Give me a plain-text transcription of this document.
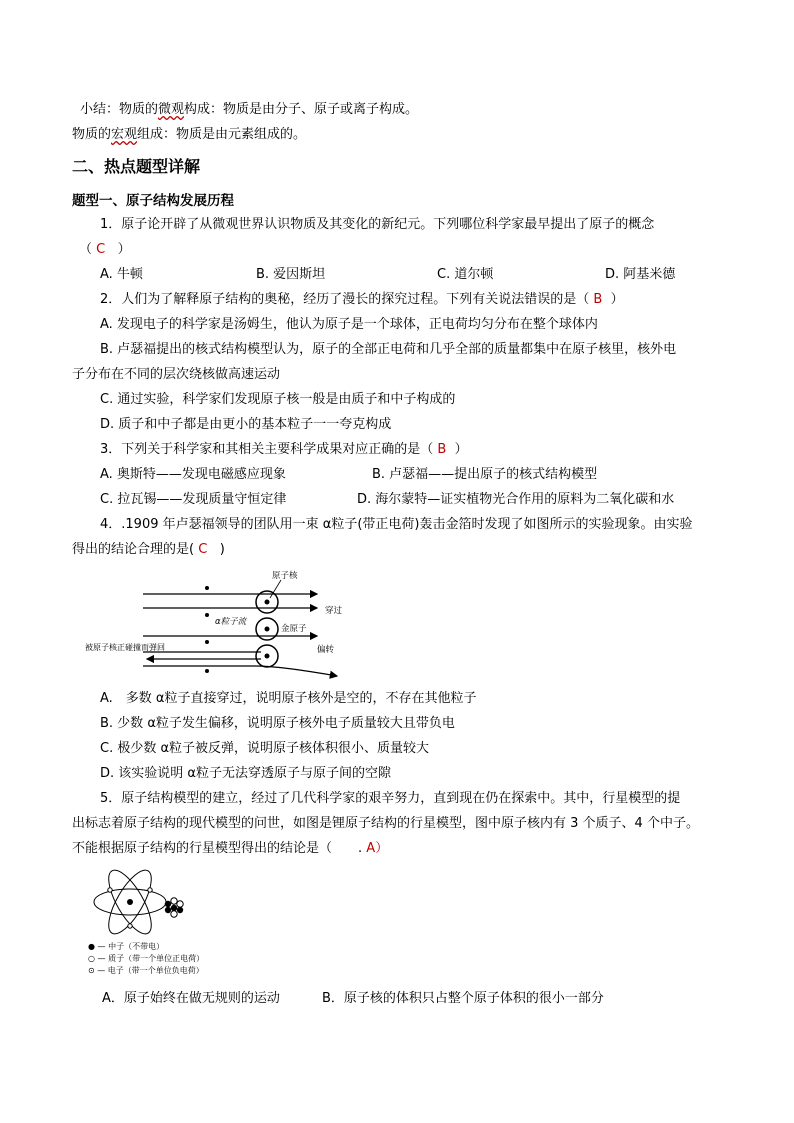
小结：物质的微观构成：物质是由分子、原子或离子构成。
物质的宏观组成：物质是由元素组成的。
二、热点题型详解
题型一、原子结构发展历程
1．原子论开辟了从微观世界认识物质及其变化的新纪元。下列哪位科学家最早提出了原子的概念
（ C ）
A. 牛顿	B. 爱因斯坦	C. 道尔顿	D. 阿基米德
2．人们为了解释原子结构的奥秘，经历了漫长的探究过程。下列有关说法错误的是（ B ）
A. 发现电子的科学家是汤姆生，他认为原子是一个球体，正电荷均匀分布在整个球体内
B. 卢瑟福提出的核式结构模型认为，原子的全部正电荷和几乎全部的质量都集中在原子核里，核外电
子分布在不同的层次绕核做高速运动
C. 通过实验，科学家们发现原子核一般是由质子和中子构成的
D. 质子和中子都是由更小的基本粒子一一夸克构成
3．下列关于科学家和其相关主要科学成果对应正确的是（ B ）
A. 奥斯特——发现电磁感应现象	B. 卢瑟福——提出原子的核式结构模型
C. 拉瓦锡——发现质量守恒定律	D. 海尔蒙特—证实植物光合作用的原料为二氧化碳和水
4．.1909 年卢瑟福领导的团队用一束 α粒子(带正电荷)轰击金箔时发现了如图所示的实验现象。由实验
得出的结论合理的是( C )
原子核
穿过
α粒子流
金原子
被原子核正碰撞而弹回	偏转
A.　多数 α粒子直接穿过，说明原子核外是空的，不存在其他粒子
B. 少数 α粒子发生偏移，说明原子核外电子质量较大且带负电
C. 极少数 α粒子被反弹，说明原子核体积很小、质量较大
D. 该实验说明 α粒子无法穿透原子与原子间的空隙
5．原子结构模型的建立，经过了几代科学家的艰辛努力，直到现在仍在探索中。其中，行星模型的提
出标志着原子结构的现代模型的问世，如图是锂原子结构的行星模型，图中原子核内有 3 个质子、4 个中子。
不能根据原子结构的行星模型得出的结论是（　　. A）
● — 中子（不带电）
○ — 质子（带一个单位正电荷）
⊙ — 电子（带一个单位负电荷）
A．原子始终在做无规则的运动	B．原子核的体积只占整个原子体积的很小一部分
